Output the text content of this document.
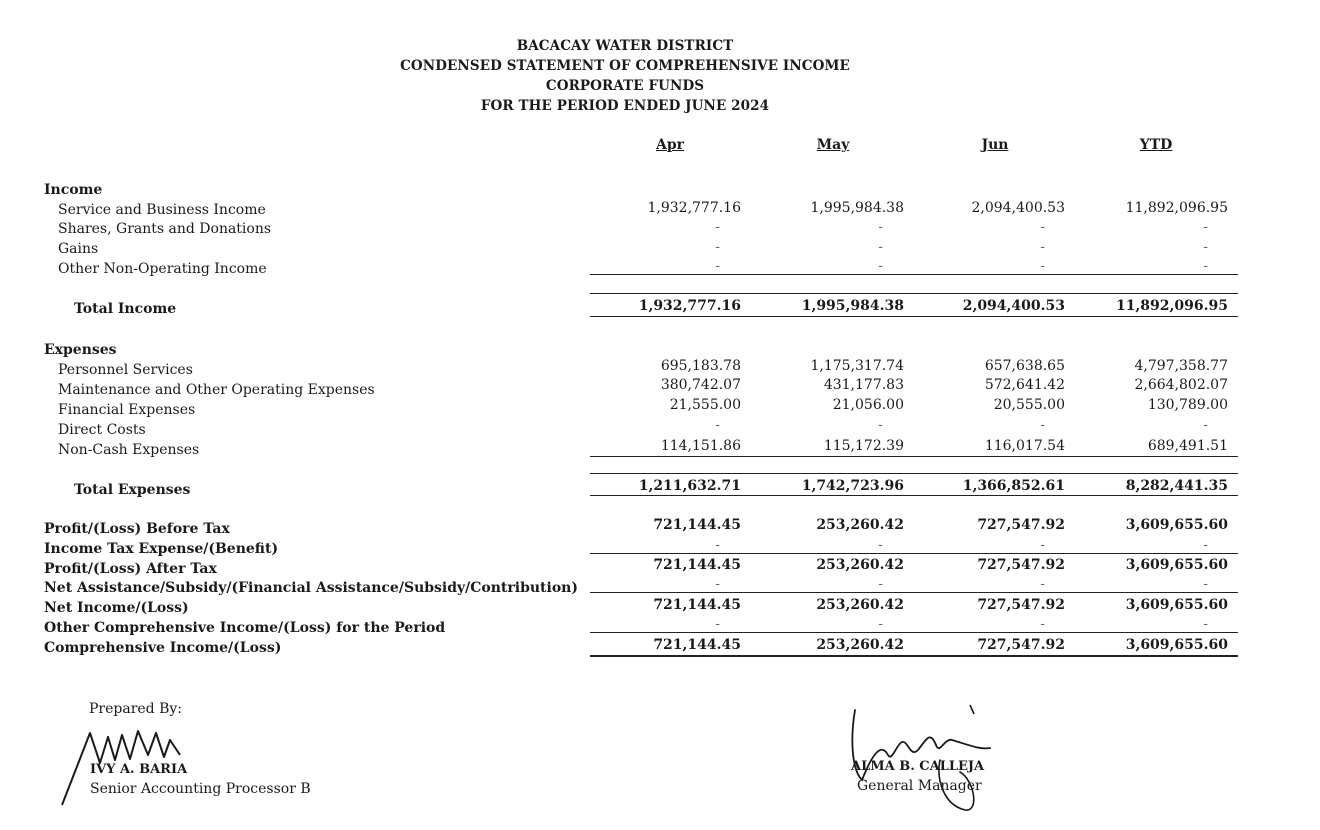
BACACAY WATER DISTRICT
CONDENSED STATEMENT OF COMPREHENSIVE INCOME
CORPORATE FUNDS
FOR THE PERIOD ENDED JUNE 2024
Apr	May	Jun	YTD
Income
Service and Business Income	1,932,777.16	1,995,984.38	2,094,400.53	11,892,096.95
Shares, Grants and Donations	-	-	-	-
Gains	-	-	-	-
Other Non-Operating Income	-	-	-	-
Total Income	1,932,777.16	1,995,984.38	2,094,400.53	11,892,096.95
Expenses
Personnel Services	695,183.78	1,175,317.74	657,638.65	4,797,358.77
Maintenance and Other Operating Expenses	380,742.07	431,177.83	572,641.42	2,664,802.07
Financial Expenses	21,555.00	21,056.00	20,555.00	130,789.00
Direct Costs	-	-	-	-
Non-Cash Expenses	114,151.86	115,172.39	116,017.54	689,491.51
Total Expenses	1,211,632.71	1,742,723.96	1,366,852.61	8,282,441.35
Profit/(Loss) Before Tax	721,144.45	253,260.42	727,547.92	3,609,655.60
Income Tax Expense/(Benefit)	-	-	-	-
Profit/(Loss) After Tax	721,144.45	253,260.42	727,547.92	3,609,655.60
Net Assistance/Subsidy/(Financial Assistance/Subsidy/Contribution)	-	-	-	-
Net Income/(Loss)	721,144.45	253,260.42	727,547.92	3,609,655.60
Other Comprehensive Income/(Loss) for the Period	-	-	-	-
Comprehensive Income/(Loss)	721,144.45	253,260.42	727,547.92	3,609,655.60
Prepared By:
IVY A. BARIA
Senior Accounting Processor B
ALMA B. CALLEJA
General Manager
